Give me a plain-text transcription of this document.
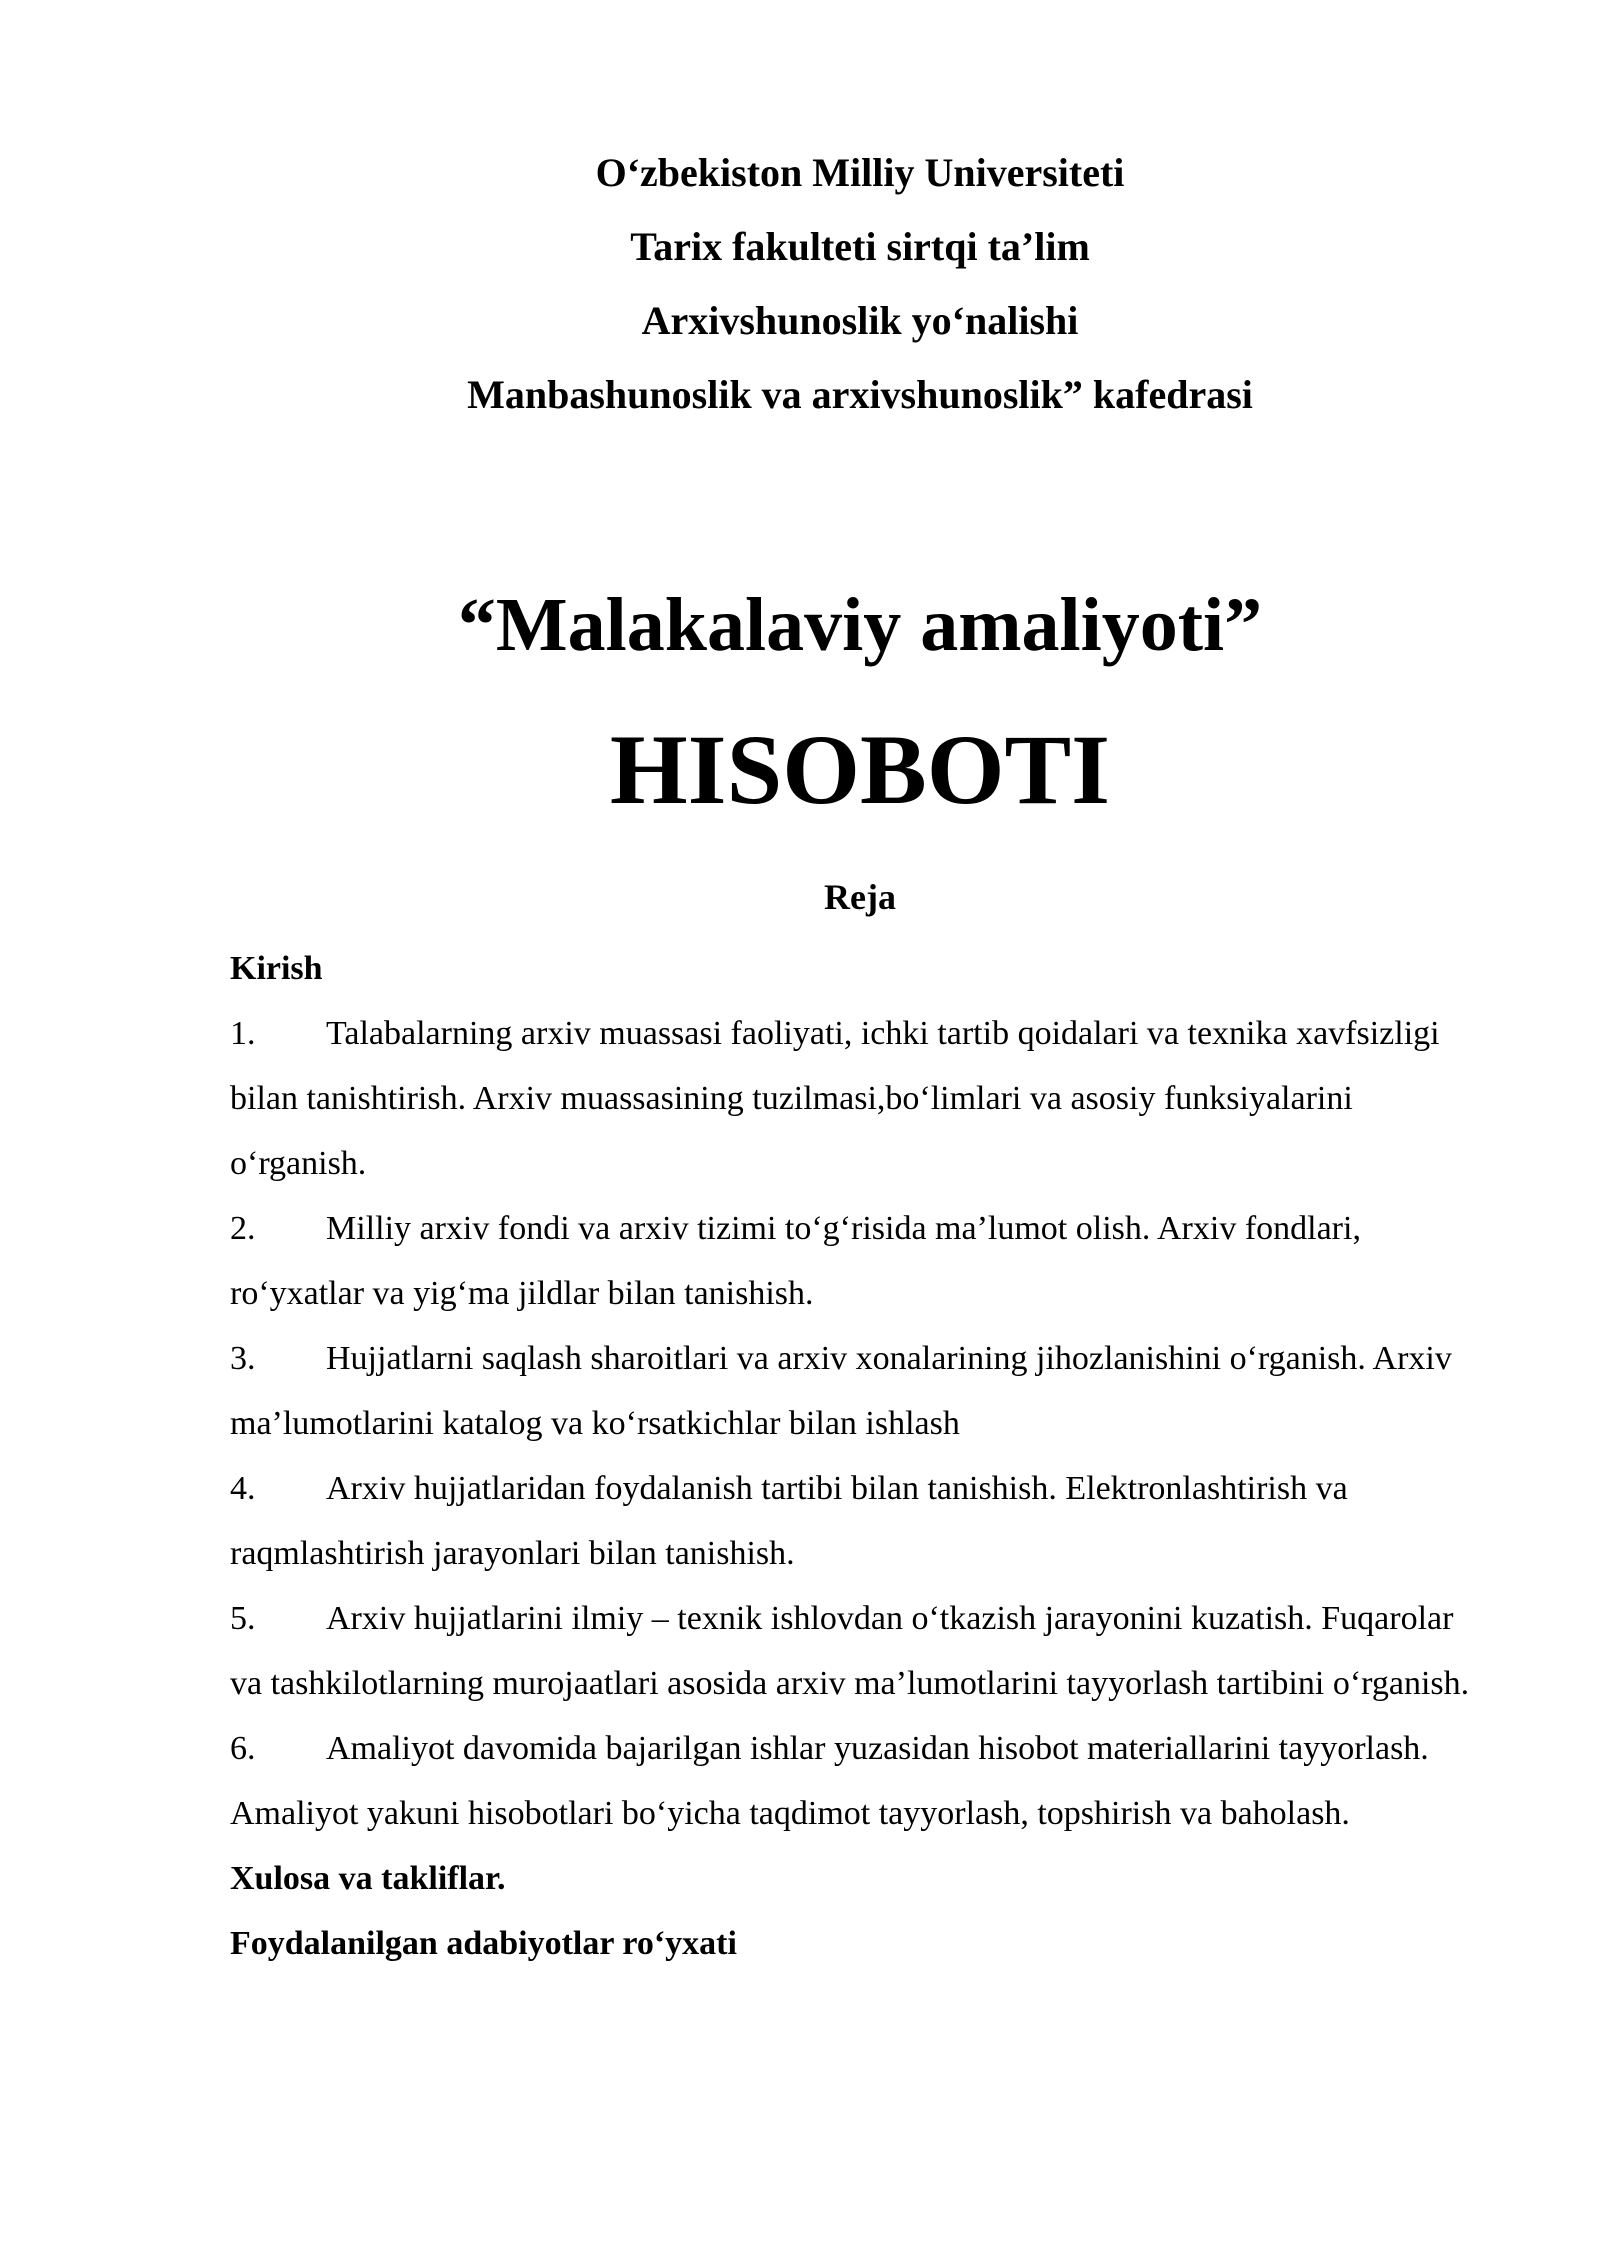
O‘zbekiston Milliy Universiteti
Tarix fakulteti sirtqi ta’lim
Arxivshunoslik yo‘nalishi
Manbashunoslik va arxivshunoslik” kafedrasi
“Malakalaviy amaliyoti”
HISOBOTI
Reja
Kirish

1. Talabalarning arxiv muassasi faoliyati, ichki tartib qoidalari va texnika xavfsizligi bilan tanishtirish. Arxiv muassasining tuzilmasi,bo‘limlari va asosiy funksiyalarini o‘rganish.

2. Milliy arxiv fondi va arxiv tizimi to‘g‘risida ma’lumot olish. Arxiv fondlari, ro‘yxatlar va yig‘ma jildlar bilan tanishish.

3. Hujjatlarni saqlash sharoitlari va arxiv xonalarining jihozlanishini o‘rganish. Arxiv ma’lumotlarini katalog va ko‘rsatkichlar bilan ishlash

4. Arxiv hujjatlaridan foydalanish tartibi bilan tanishish. Elektronlashtirish va raqmlashtirish jarayonlari bilan tanishish.

5. Arxiv hujjatlarini ilmiy – texnik ishlovdan o‘tkazish jarayonini kuzatish. Fuqarolar va tashkilotlarning murojaatlari asosida arxiv ma’lumotlarini tayyorlash tartibini o‘rganish.

6. Amaliyot davomida bajarilgan ishlar yuzasidan hisobot materiallarini tayyorlash. Amaliyot yakuni hisobotlari bo‘yicha taqdimot tayyorlash, topshirish va baholash.

Xulosa va takliflar.
Foydalanilgan adabiyotlar ro‘yxati
